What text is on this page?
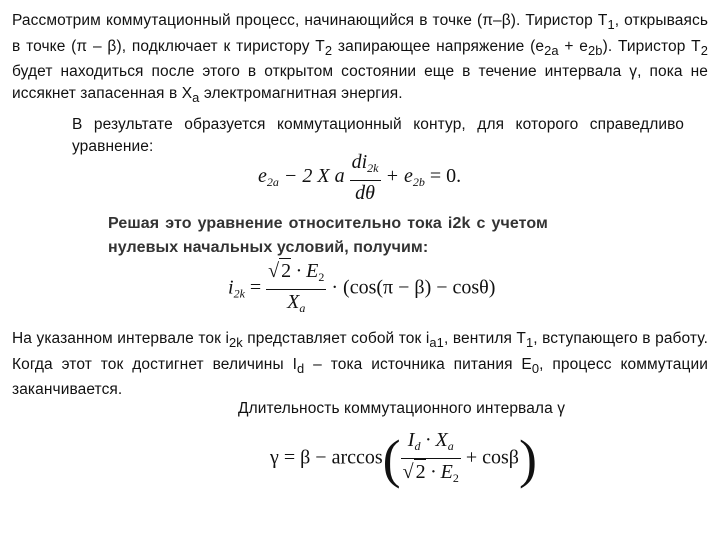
Рассмотрим коммутационный процесс, начинающийся в точке (π–β). Тиристор $T_1$, открываясь в точке (π – β), подключает к тиристору $T_2$ запирающее напряжение $(e_{2a} + e_{2b})$. Тиристор $T_2$ будет находиться после этого в открытом состоянии еще в течение интервала γ, пока не иссякнет запасенная в $X_a$ электромагнитная энергия.
В результате образуется коммутационный контур, для которого справедливо уравнение:
$e_{2a} - 2$ X a $\frac{di_{2k}}{d\theta} + e_{2b} = 0$.
Решая это уравнение относительно тока i2k с учетом нулевых начальных условий, получим:
$i_{2k} = \frac{√ 2 \cdot E_2}{X_a} \cdot (\cos(\pi - \beta) - \cos\theta)$
На указанном интервале ток $i_{2k}$ представляет собой ток $i_{a1}$, вентиля $T_1$, вступающего в работу. Когда этот ток достигнет величины $I_d$ – тока источника питания $E_0$, процесс коммутации заканчивается.
Длительность коммутационного интервала γ
$\gamma = \beta - \arccos( \frac{I_d \cdot X_a}{√ 2 \cdot E_2} + \cos\beta)$
